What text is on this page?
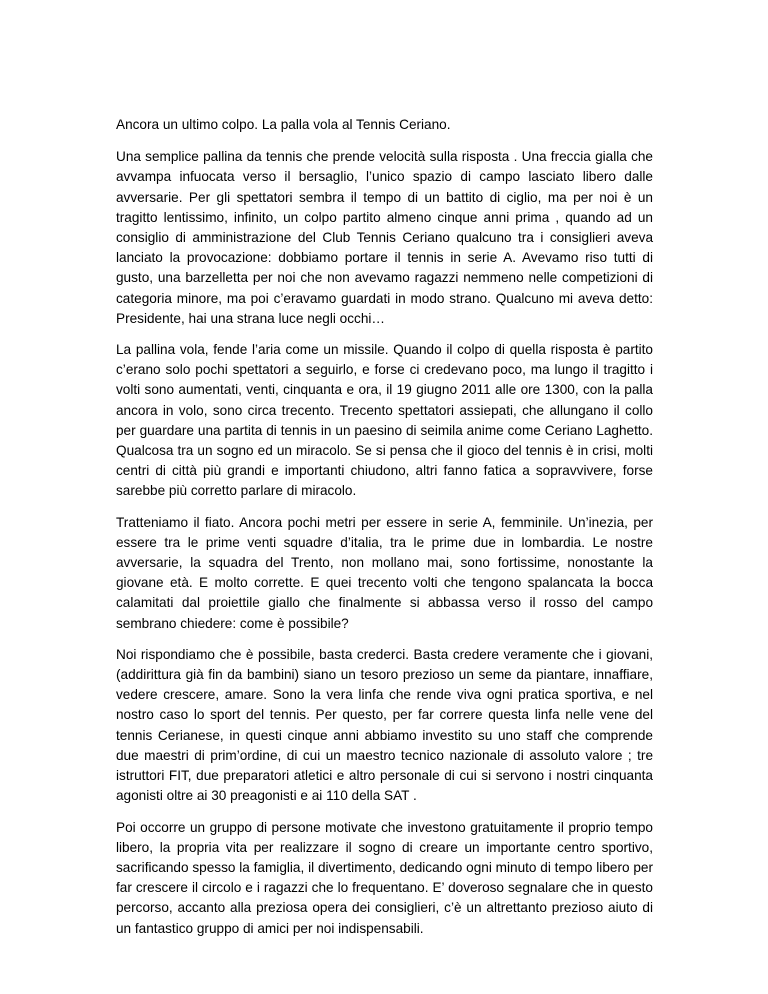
Ancora un ultimo colpo. La palla vola al Tennis Ceriano.

Una semplice pallina da tennis che prende velocità sulla risposta . Una freccia gialla che avvampa infuocata verso il bersaglio, l’unico spazio di campo lasciato libero dalle avversarie. Per gli spettatori sembra il tempo di un battito di ciglio, ma per noi è un tragitto lentissimo, infinito, un colpo partito almeno cinque anni prima , quando ad un consiglio di amministrazione del Club Tennis Ceriano qualcuno tra i consiglieri aveva lanciato la provocazione: dobbiamo portare il tennis in serie A. Avevamo riso tutti di gusto, una barzelletta per noi che non avevamo ragazzi nemmeno nelle competizioni di categoria minore, ma poi c’eravamo guardati in modo strano. Qualcuno mi aveva detto: Presidente, hai una strana luce negli occhi…

La pallina vola, fende l’aria come un missile. Quando il colpo di quella risposta è partito c’erano solo pochi spettatori a seguirlo, e forse ci credevano poco, ma lungo il tragitto i volti sono aumentati, venti, cinquanta e ora, il 19 giugno 2011 alle ore 1300, con la palla ancora in volo, sono circa trecento. Trecento spettatori assiepati, che allungano il collo per guardare una partita di tennis in un paesino di seimila anime come Ceriano Laghetto. Qualcosa tra un sogno ed un miracolo. Se si pensa che il gioco del tennis è in crisi, molti centri di città più grandi e importanti chiudono, altri fanno fatica a sopravvivere, forse sarebbe più corretto parlare di miracolo.

Tratteniamo il fiato. Ancora pochi metri per essere in serie A, femminile. Un’inezia, per essere tra le prime venti squadre d’italia, tra le prime due in lombardia. Le nostre avversarie, la squadra del Trento, non mollano mai, sono fortissime, nonostante la giovane età. E molto corrette. E quei trecento volti che tengono spalancata la bocca calamitati dal proiettile giallo che finalmente si abbassa verso il rosso del campo sembrano chiedere: come è possibile?

Noi rispondiamo che è possibile, basta crederci. Basta credere veramente che i giovani, (addirittura già fin da bambini) siano un tesoro prezioso un seme da piantare, innaffiare, vedere crescere, amare. Sono la vera linfa che rende viva ogni pratica sportiva, e nel nostro caso lo sport del tennis. Per questo, per far correre questa linfa nelle vene del tennis Cerianese, in questi cinque anni abbiamo investito su uno staff che comprende due maestri di prim’ordine, di cui un maestro tecnico nazionale di assoluto valore ; tre istruttori FIT, due preparatori atletici e altro personale di cui si servono i nostri cinquanta agonisti oltre ai 30 preagonisti e ai 110 della SAT .

Poi occorre un gruppo di persone motivate che investono gratuitamente il proprio tempo libero, la propria vita per realizzare il sogno di creare un importante centro sportivo, sacrificando spesso la famiglia, il divertimento, dedicando ogni minuto di tempo libero per far crescere il circolo e i ragazzi che lo frequentano. E’ doveroso segnalare che in questo percorso, accanto alla preziosa opera dei consiglieri, c’è un altrettanto prezioso aiuto di un fantastico gruppo di amici per noi indispensabili.
